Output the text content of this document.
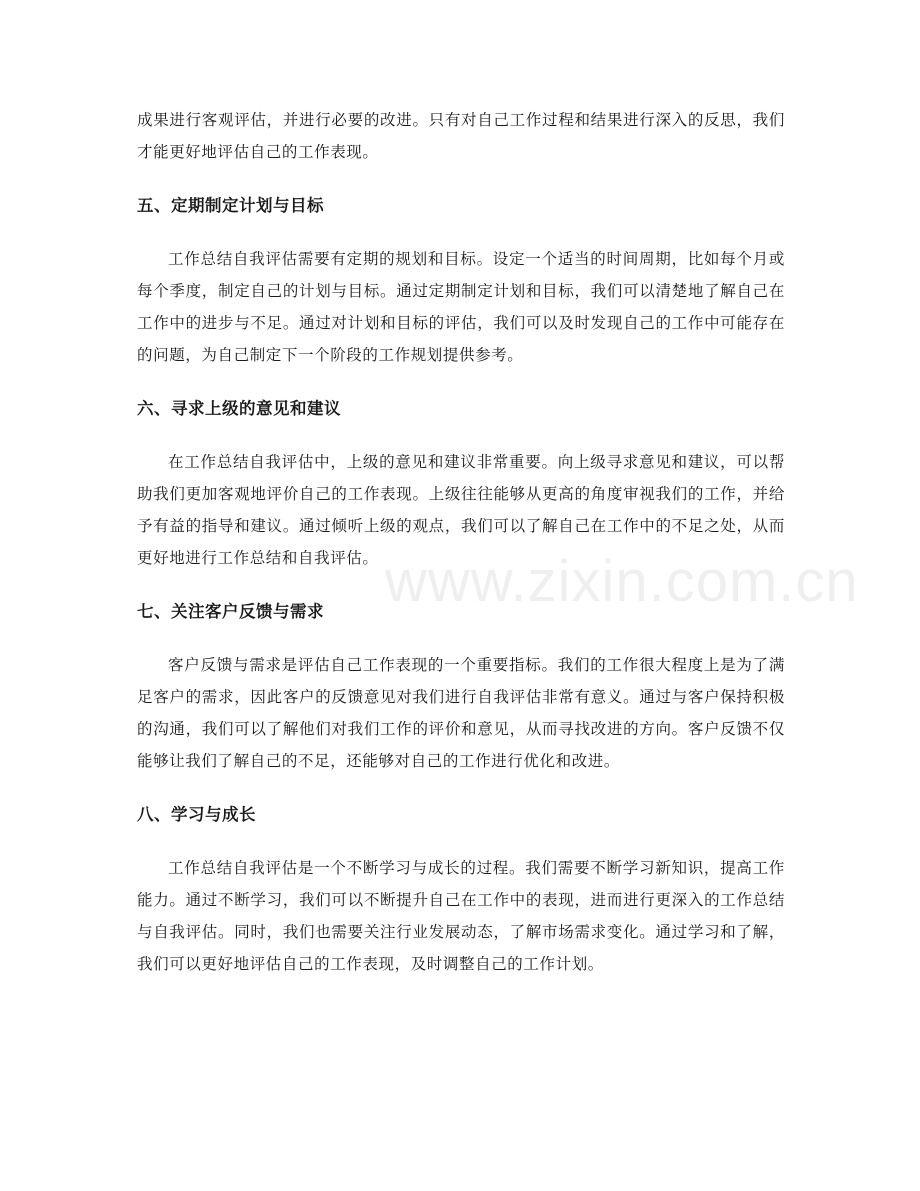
成果进行客观评估，并进行必要的改进。只有对自己工作过程和结果进行深入的反思，我们才能更好地评估自己的工作表现。

五、定期制定计划与目标

工作总结自我评估需要有定期的规划和目标。设定一个适当的时间周期，比如每个月或每个季度，制定自己的计划与目标。通过定期制定计划和目标，我们可以清楚地了解自己在工作中的进步与不足。通过对计划和目标的评估，我们可以及时发现自己的工作中可能存在的问题，为自己制定下一个阶段的工作规划提供参考。

六、寻求上级的意见和建议

在工作总结自我评估中，上级的意见和建议非常重要。向上级寻求意见和建议，可以帮助我们更加客观地评价自己的工作表现。上级往往能够从更高的角度审视我们的工作，并给予有益的指导和建议。通过倾听上级的观点，我们可以了解自己在工作中的不足之处，从而更好地进行工作总结和自我评估。

七、关注客户反馈与需求

客户反馈与需求是评估自己工作表现的一个重要指标。我们的工作很大程度上是为了满足客户的需求，因此客户的反馈意见对我们进行自我评估非常有意义。通过与客户保持积极的沟通，我们可以了解他们对我们工作的评价和意见，从而寻找改进的方向。客户反馈不仅能够让我们了解自己的不足，还能够对自己的工作进行优化和改进。

八、学习与成长

工作总结自我评估是一个不断学习与成长的过程。我们需要不断学习新知识，提高工作能力。通过不断学习，我们可以不断提升自己在工作中的表现，进而进行更深入的工作总结与自我评估。同时，我们也需要关注行业发展动态，了解市场需求变化。通过学习和了解，我们可以更好地评估自己的工作表现，及时调整自己的工作计划。

www.zixin.com.cn
